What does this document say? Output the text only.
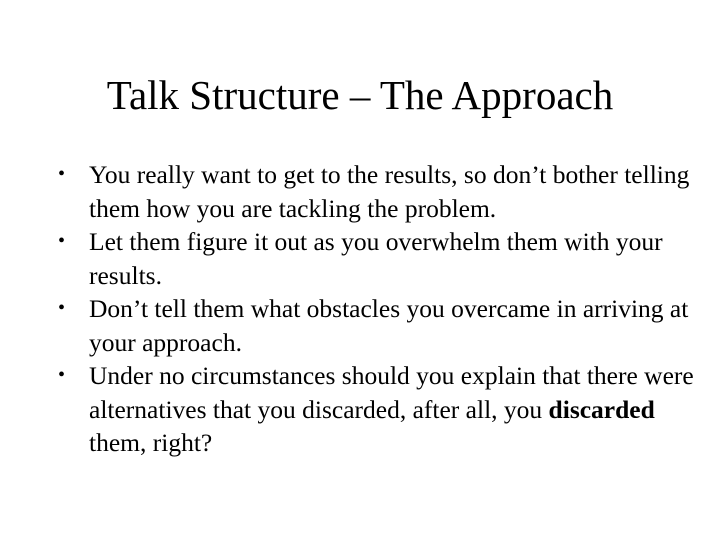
Talk Structure – The Approach
• You really want to get to the results, so don’t bother telling them how you are tackling the problem.
• Let them figure it out as you overwhelm them with your results.
• Don’t tell them what obstacles you overcame in arriving at your approach.
• Under no circumstances should you explain that there were alternatives that you discarded, after all, you discarded them, right?
